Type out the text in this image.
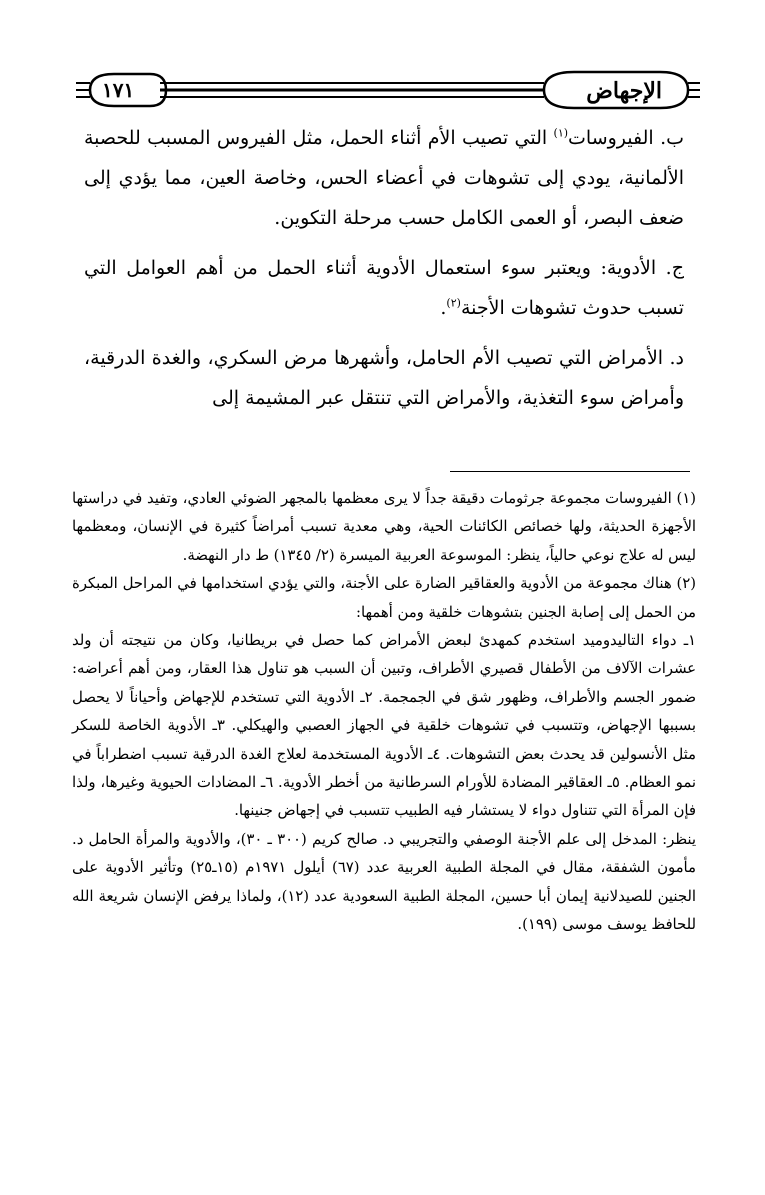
الإجهاض
١٧١

ب. الفيروسات$^{(١)}$ التي تصيب الأم أثناء الحمل، مثل الفيروس المسبب للحصبة الألمانية، يودي إلى تشوهات في أعضاء الحس، وخاصة العين، مما يؤدي إلى ضعف البصر، أو العمى الكامل حسب مرحلة التكوين.

ج. الأدوية: ويعتبر سوء استعمال الأدوية أثناء الحمل من أهم العوامل التي تسبب حدوث تشوهات الأجنة$^{(٢)}$.

د. الأمراض التي تصيب الأم الحامل، وأشهرها مرض السكري، والغدة الدرقية، وأمراض سوء التغذية، والأمراض التي تنتقل عبر المشيمة إلى

(١) الفيروسات مجموعة جرثومات دقيقة جداً لا يرى معظمها بالمجهر الضوئي العادي، وتفيد في دراستها الأجهزة الحديثة، ولها خصائص الكائنات الحية، وهي معدية تسبب أمراضاً كثيرة في الإنسان، ومعظمها ليس له علاج نوعي حالياً، ينظر: الموسوعة العربية الميسرة (٢/ ١٣٤٥) ط دار النهضة.

(٢) هناك مجموعة من الأدوية والعقاقير الضارة على الأجنة، والتي يؤدي استخدامها في المراحل المبكرة من الحمل إلى إصابة الجنين بتشوهات خلقية ومن أهمها:

١ـ دواء التاليدوميد استخدم كمهدئ لبعض الأمراض كما حصل في بريطانيا، وكان من نتيجته أن ولد عشرات الآلاف من الأطفال قصيري الأطراف، وتبين أن السبب هو تناول هذا العقار، ومن أهم أعراضه: ضمور الجسم والأطراف، وظهور شق في الجمجمة. ٢ـ الأدوية التي تستخدم للإجهاض وأحياناً لا يحصل بسببها الإجهاض، وتتسبب في تشوهات خلقية في الجهاز العصبي والهيكلي. ٣ـ الأدوية الخاصة للسكر مثل الأنسولين قد يحدث بعض التشوهات. ٤ـ الأدوية المستخدمة لعلاج الغدة الدرقية تسبب اضطراباً في نمو العظام. ٥ـ العقاقير المضادة للأورام السرطانية من أخطر الأدوية. ٦ـ المضادات الحيوية وغيرها، ولذا فإن المرأة التي تتناول دواء لا يستشار فيه الطبيب تتسبب في إجهاض جنينها.

ينظر: المدخل إلى علم الأجنة الوصفي والتجريبي د. صالح كريم (٣٠٠ ـ ٣٠)، والأدوية والمرأة الحامل د. مأمون الشفقة، مقال في المجلة الطبية العربية عدد (٦٧) أيلول ١٩٧١م (١٥ـ٢٥) وتأثير الأدوية على الجنين للصيدلانية إيمان أبا حسين، المجلة الطبية السعودية عدد (١٢)، ولماذا يرفض الإنسان شريعة الله للحافظ يوسف موسى (١٩٩).
